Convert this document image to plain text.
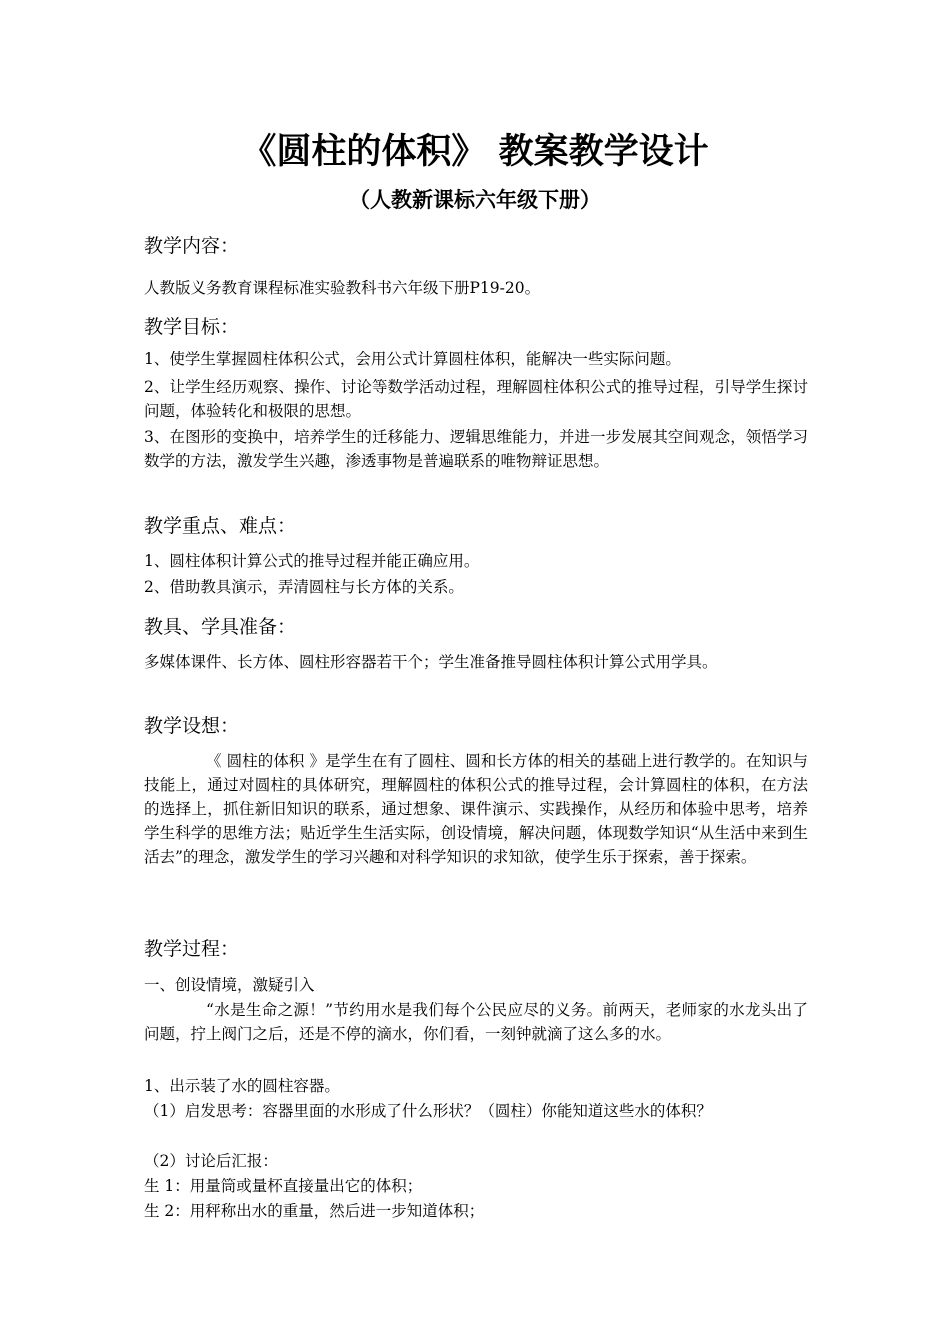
《圆柱的体积》 教案教学设计
（人教新课标六年级下册）
教学内容：
人教版义务教育课程标准实验教科书六年级下册P19-20。
教学目标：
1、使学生掌握圆柱体积公式，会用公式计算圆柱体积，能解决一些实际问题。
2、让学生经历观察、操作、讨论等数学活动过程，理解圆柱体积公式的推导过程，引导学生探讨问题，体验转化和极限的思想。
3、在图形的变换中，培养学生的迁移能力、逻辑思维能力，并进一步发展其空间观念，领悟学习数学的方法，激发学生兴趣，渗透事物是普遍联系的唯物辩证思想。
教学重点、难点：
1、圆柱体积计算公式的推导过程并能正确应用。
2、借助教具演示，弄清圆柱与长方体的关系。
教具、学具准备：
多媒体课件、长方体、圆柱形容器若干个；学生准备推导圆柱体积计算公式用学具。
教学设想：
《 圆柱的体积 》是学生在有了圆柱、圆和长方体的相关的基础上进行教学的。在知识与技能上，通过对圆柱的具体研究，理解圆柱的体积公式的推导过程，会计算圆柱的体积，在方法的选择上，抓住新旧知识的联系，通过想象、课件演示、实践操作，从经历和体验中思考，培养学生科学的思维方法；贴近学生生活实际，创设情境，解决问题，体现数学知识“从生活中来到生活去”的理念，激发学生的学习兴趣和对科学知识的求知欲，使学生乐于探索，善于探索。
教学过程：
一、创设情境，激疑引入
“水是生命之源！”节约用水是我们每个公民应尽的义务。前两天，老师家的水龙头出了问题，拧上阀门之后，还是不停的滴水，你们看，一刻钟就滴了这么多的水。
1、出示装了水的圆柱容器。
（1）启发思考：容器里面的水形成了什么形状？（圆柱）你能知道这些水的体积？
（2）讨论后汇报：
生 1：用量筒或量杯直接量出它的体积；
生 2：用秤称出水的重量，然后进一步知道体积；
